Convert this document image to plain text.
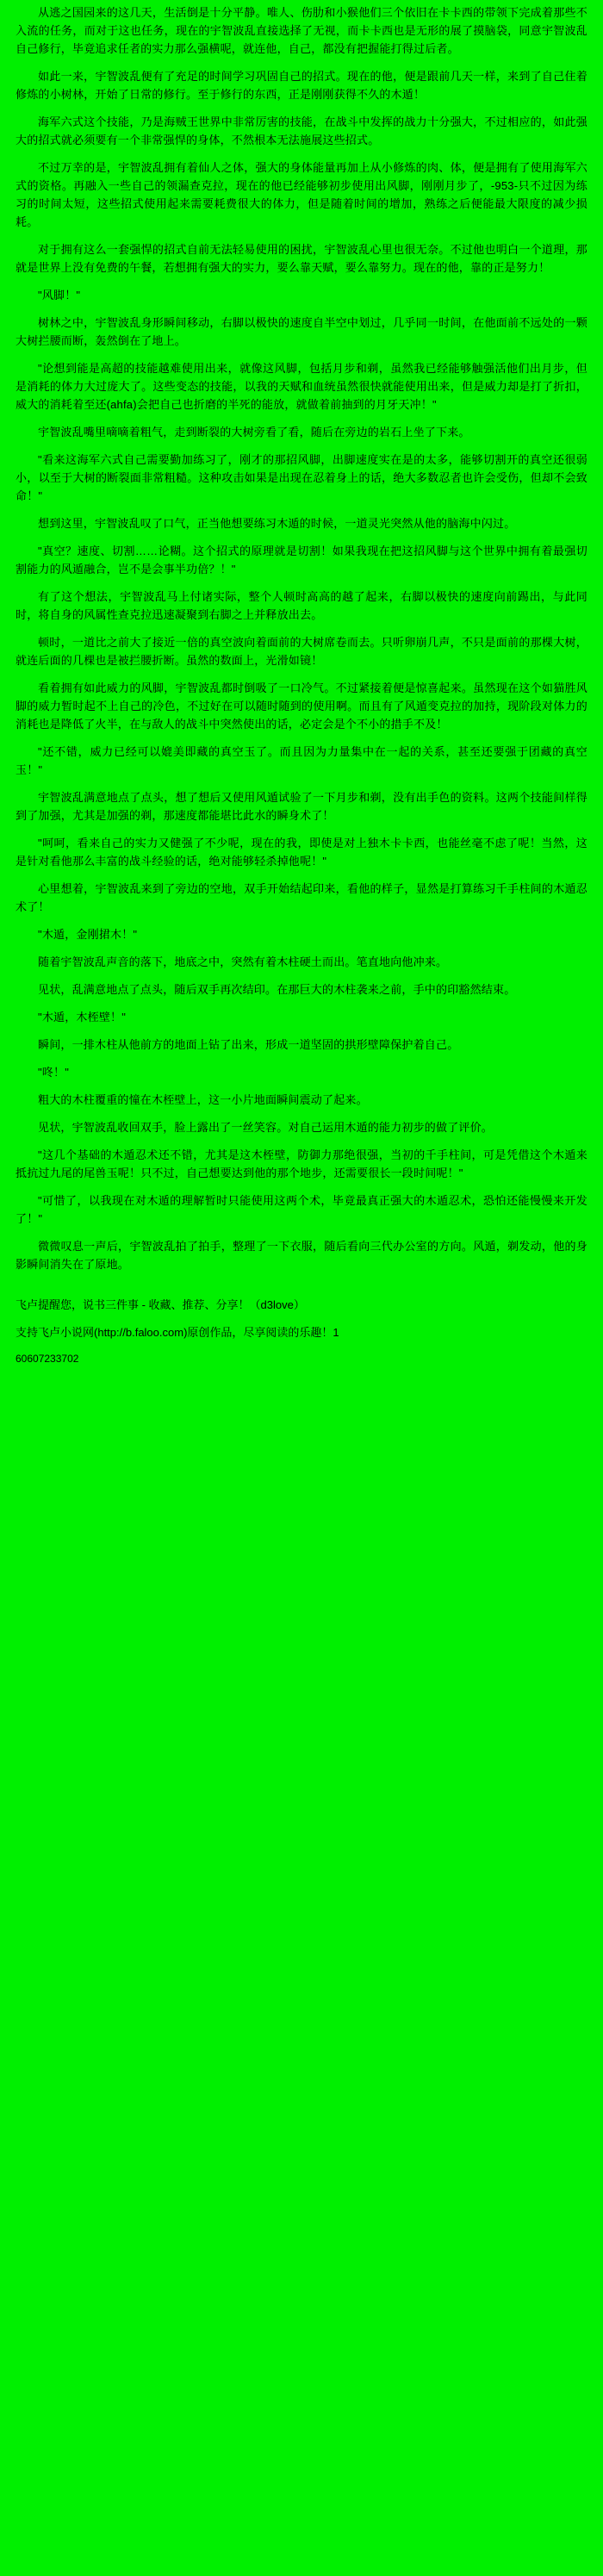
从逃之国园来的这几天，生活倒是十分平静。唯人、伤肋和小猴他们三个依旧在卡卡西的带领下完成着那些不入流的任务，而对于这也任务，现在的宇智波乱直接选择了无视，而卡卡西也是无形的展了摸脑袋，同意宇智波乱自己修行，毕竟追求任者的实力那么强横呢，就连他，自己，都没有把握能打得过后者。

如此一来，宇智波乱便有了充足的时间学习巩固自己的招式。现在的他，便是跟前几天一样，来到了自己住着修炼的小树林，开始了日常的修行。至于修行的东西，正是刚刚获得不久的木遁！

海军六式这个技能，乃是海贼王世界中非常厉害的技能，在战斗中发挥的战力十分强大，不过相应的，如此强大的招式就必须要有一个非常强悍的身体，不然根本无法施展这些招式。

不过万幸的是，宇智波乱拥有着仙人之体，强大的身体能量再加上从小修炼的肉、体，便是拥有了使用海军六式的资格。再融入一些自己的领漏查克拉，现在的他已经能够初步使用出风脚，刚刚月步了，-953-只不过因为练习的时间太短，这些招式使用起来需要耗费很大的体力，但是随着时间的增加，熟练之后便能最大限度的减少损耗。

对于拥有这么一套强悍的招式自前无法轻易使用的困扰，宇智波乱心里也很无奈。不过他也明白一个道理，那就是世界上没有免费的午餐，若想拥有强大的实力，要么靠天赋，要么靠努力。现在的他，靠的正是努力！

"风脚！"

树林之中，宇智波乱身形瞬间移动，右脚以极快的速度自半空中划过，几乎同一时间，在他面前不远处的一颗大树拦腰而断，轰然倒在了地上。

"论想到能是高超的技能越难使用出来，就像这风脚，包括月步和剃，虽然我已经能够触强活他们出月步，但是消耗的体力大过庞大了。这些变态的技能，以我的天赋和血统虽然很快就能使用出来，但是威力却是打了折扣，威大的消耗着至还(ahfa)会把自己也折磨的半死的能放，就做着前抽到的月牙天冲！"

宇智波乱嘴里嘀嘀着粗气，走到断裂的大树旁看了看，随后在旁边的岩石上坐了下来。

"看来这海军六式自己需要勤加练习了，刚才的那招风脚，出脚速度实在是的太多，能够切割开的真空还很弱小，以至于大树的断裂面非常粗糙。这种攻击如果是出现在忍着身上的话，绝大多数忍者也许会受伤，但却不会致命！"

想到这里，宇智波乱叹了口气，正当他想要练习木遁的时候，一道灵光突然从他的脑海中闪过。

"真空？速度、切割……论糊。这个招式的原理就是切割！如果我现在把这招风脚与这个世界中拥有着最强切割能力的风遁融合，岂不是会事半功倍？！"

有了这个想法，宇智波乱马上付诸实际，整个人顿时高高的越了起来，右脚以极快的速度向前踢出，与此同时，将自身的风属性查克拉迅速凝聚到右脚之上并释放出去。

顿时，一道比之前大了接近一倍的真空波向着面前的大树席卷而去。只听卵崩几声，不只是面前的那棵大树，就连后面的几棵也是被拦腰折断。虽然的数面上，光滑如镜！

看着拥有如此威力的风脚，宇智波乱都时倒吸了一口冷气。不过紧接着便是惊喜起来。虽然现在这个如猫胜风脚的威力暂时起不上自己的冷色，不过好在可以随时随到的使用啊。而且有了风遁变克拉的加持，现阶段对体力的消耗也是降低了火半，在与敌人的战斗中突然使出的话，必定会是个不小的措手不及！

"还不错，威力已经可以媲美即藏的真空玉了。而且因为力量集中在一起的关系，甚至还要强于团藏的真空玉！"

宇智波乱满意地点了点头，想了想后又使用风遁试验了一下月步和剃，没有出手色的资料。这两个技能间样得到了加强，尤其是加强的剃，那速度都能堪比此水的瞬身术了！

"呵呵，看来自己的实力又健强了不少呢，现在的我，即使是对上独木卡卡西，也能丝毫不虑了呢！当然，这是针对看他那么丰富的战斗经验的话，绝对能够轻杀掉他呢！"

心里想着，宇智波乱来到了旁边的空地，双手开始结起印来，看他的样子，显然是打算练习千手柱间的木遁忍术了！

"木遁，金刚捃木！"

随着宇智波乱声音的落下，地底之中，突然有着木柱硬土而出。笔直地向他冲来。

见状，乱满意地点了点头，随后双手再次结印。在那巨大的木柱袭来之前，手中的印豁然结束。

"木遁，木桎壁！"

瞬间，一排木柱从他前方的地面上钻了出来，形成一道坚固的拱形壁障保护着自己。

"咚！"

粗大的木柱覆重的憧在木桎壁上，这一小片地面瞬间震动了起来。

见状，宇智波乱收回双手，脸上露出了一丝笑容。对自己运用木遁的能力初步的做了评价。

"这几个基础的木遁忍术还不错，尤其是这木桎壁，防御力那绝很强，当初的千手柱间，可是凭借这个木遁来抵抗过九尾的尾兽玉呢！只不过，自己想要达到他的那个地步，还需要很长一段时间呢！"

"可惜了，以我现在对木遁的理解暂时只能使用这两个术，毕竟最真正强大的木遁忍术，恐怕还能慢慢来开发了！"

微微叹息一声后，宇智波乱拍了拍手，整理了一下衣服，随后看向三代办公室的方向。风遁，剃发动，他的身影瞬间消失在了原地。

飞卢提醒您，说书三件事 - 收藏、推荐、分享！（d3love）

支持飞卢小说网(http://b.faloo.com)原创作品，尽享阅读的乐趣！1

60607233702
